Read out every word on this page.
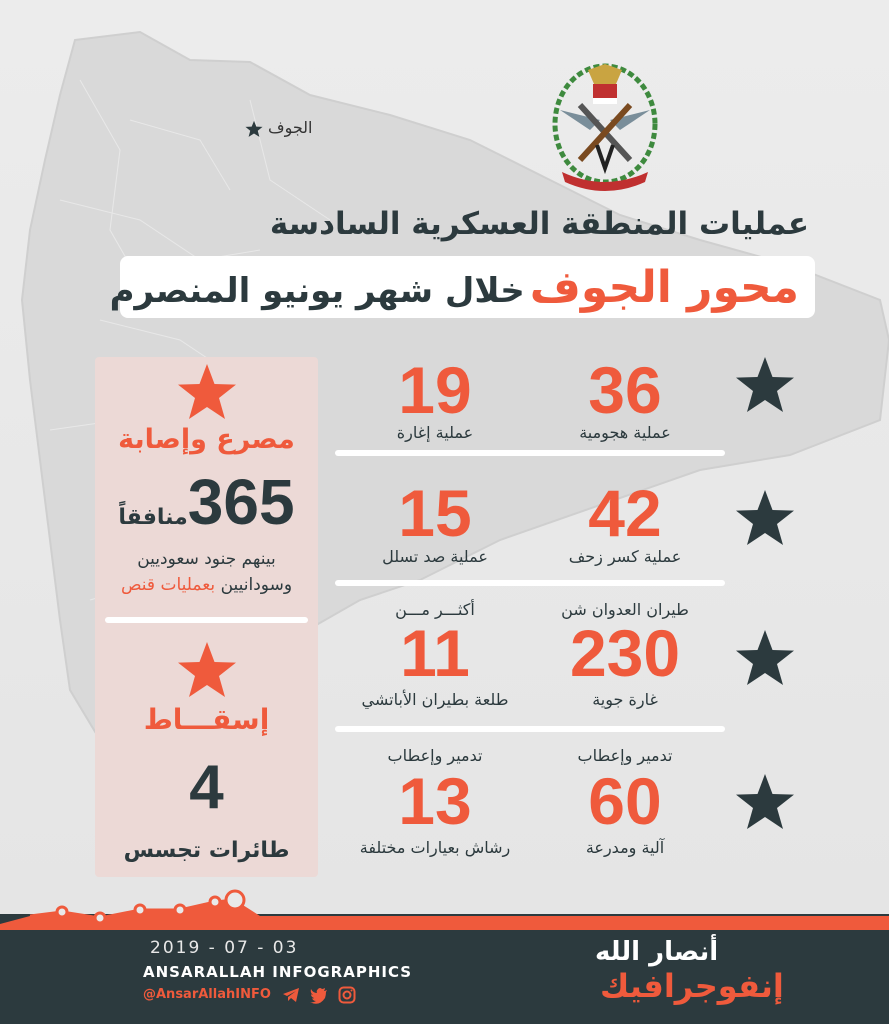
الجوف
عمليات المنطقة العسكرية السادسة
محور الجوف خلال شهر يونيو المنصرم
36
عملية هجومية
19
عملية إغارة
42
عملية كسر زحف
15
عملية صد تسلل
طيران العدوان شن
230
غارة جوية
أكثـــر مـــن
11
طلعة بطيران الأباتشي
تدمير وإعطاب
60
آلية ومدرعة
تدمير وإعطاب
13
رشاش بعيارات مختلفة
مصرع وإصابة
365منافقاً
بينهم جنود سعوديين
وسودانيين بعمليات قنص
إسقـــاط
4
طائرات تجسس
2019 - 07 - 03
ANSARALLAH INFOGRAPHICS
@AnsarAllahINFO
أنصار الله
إنفوجرافيك
